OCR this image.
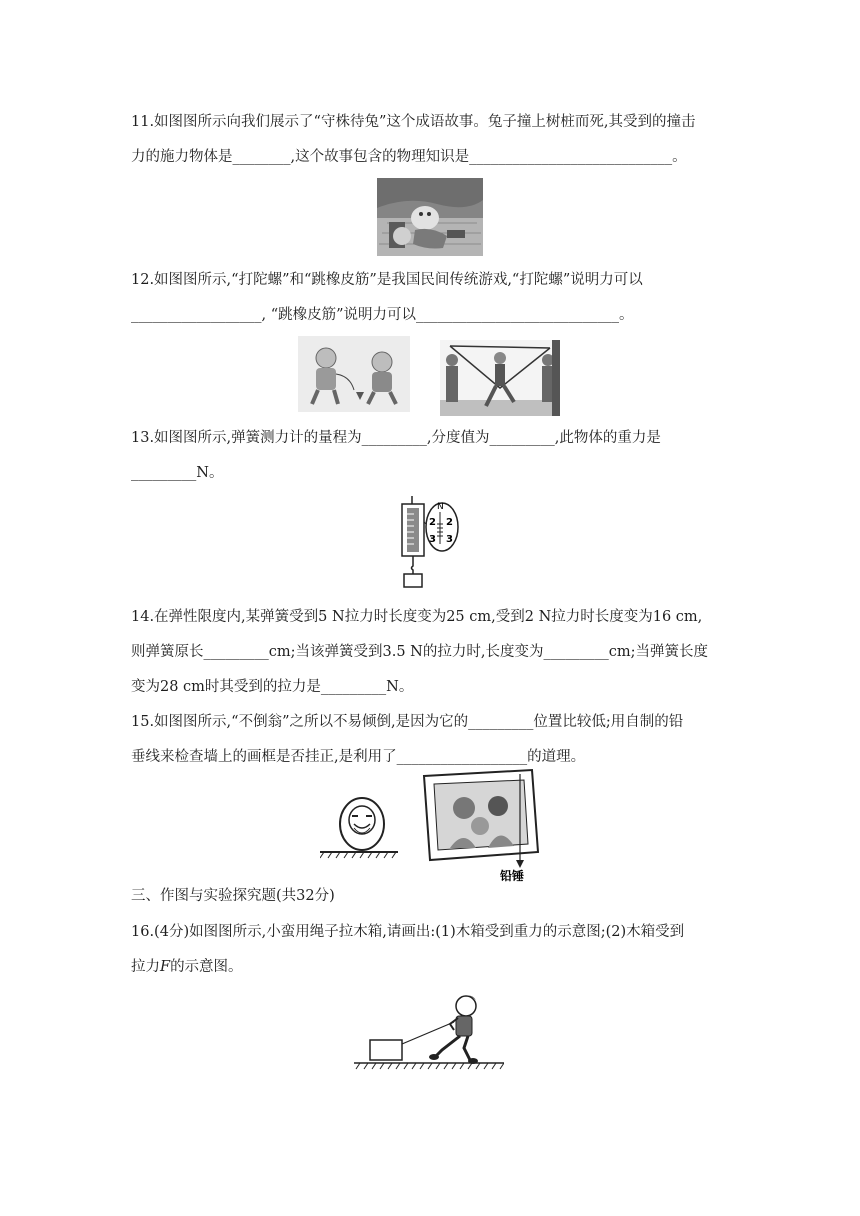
11.如图图所示向我们展示了“守株待兔”这个成语故事。兔子撞上树桩而死,其受到的撞击
力的施力物体是________,这个故事包含的物理知识是____________________________。
12.如图图所示,“打陀螺”和“跳橡皮筋”是我国民间传统游戏,“打陀螺”说明力可以
__________________, “跳橡皮筋”说明力可以____________________________。
13.如图图所示,弹簧测力计的量程为_________,分度值为_________,此物体的重力是
_________N。
N
2 2
3 3
14.在弹性限度内,某弹簧受到5 N拉力时长度变为25 cm,受到2 N拉力时长度变为16 cm,
则弹簧原长_________cm;当该弹簧受到3.5 N的拉力时,长度变为_________cm;当弹簧长度
变为28 cm时其受到的拉力是_________N。
15.如图图所示,“不倒翁”之所以不易倾倒,是因为它的_________位置比较低;用自制的铅
垂线来检查墙上的画框是否挂正,是利用了__________________的道理。
铅锤
三、作图与实验探究题(共32分)
16.(4分)如图图所示,小蛮用绳子拉木箱,请画出:(1)木箱受到重力的示意图;(2)木箱受到
拉力F的示意图。
